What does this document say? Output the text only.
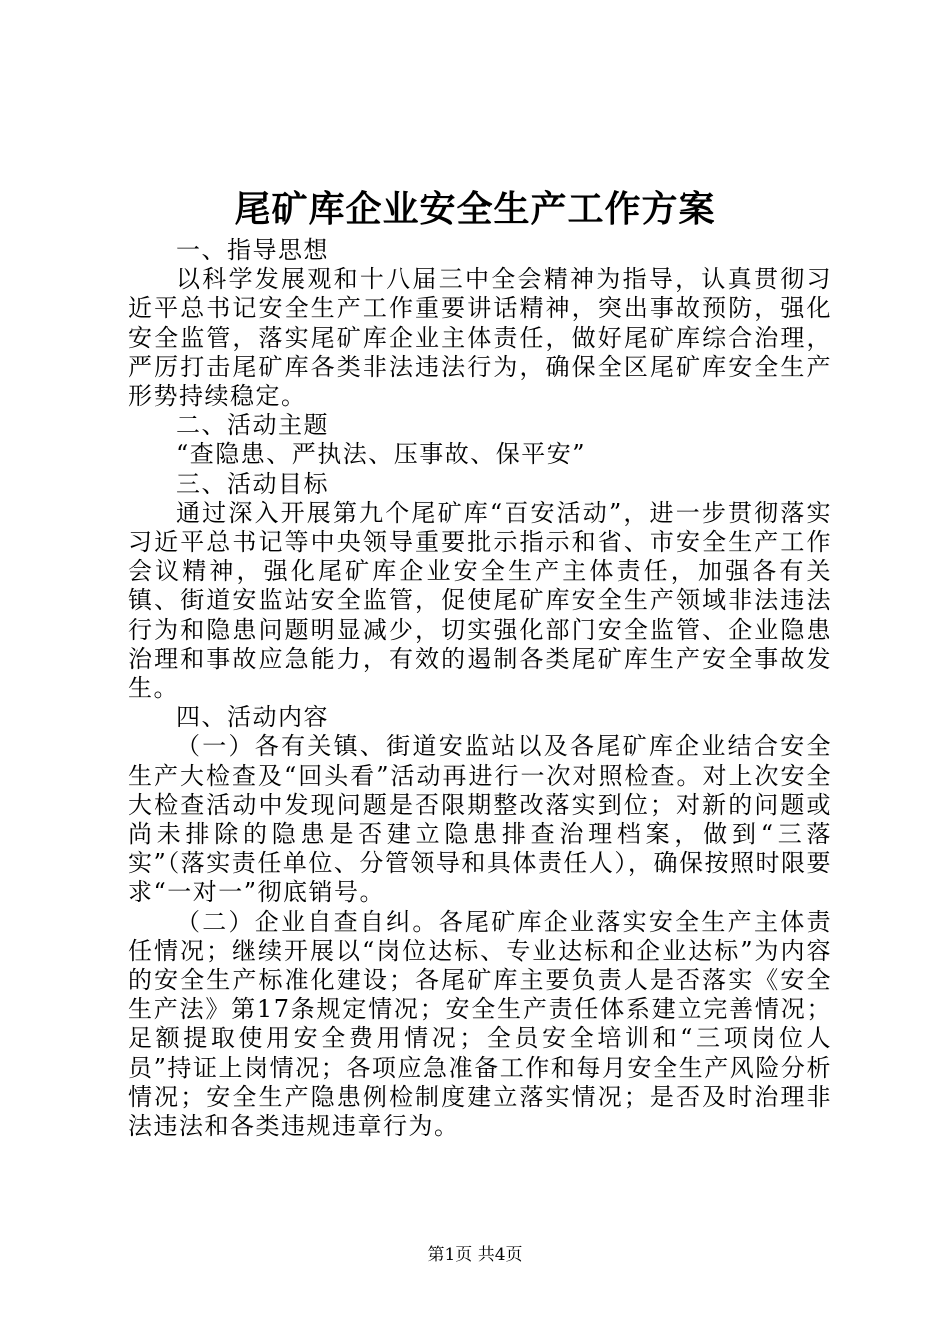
尾矿库企业安全生产工作方案

一、指导思想

以科学发展观和十八届三中全会精神为指导，认真贯彻习近平总书记安全生产工作重要讲话精神，突出事故预防，强化安全监管，落实尾矿库企业主体责任，做好尾矿库综合治理，严厉打击尾矿库各类非法违法行为，确保全区尾矿库安全生产形势持续稳定。

二、活动主题

“查隐患、严执法、压事故、保平安”

三、活动目标

通过深入开展第九个尾矿库“百安活动”，进一步贯彻落实习近平总书记等中央领导重要批示指示和省、市安全生产工作会议精神，强化尾矿库企业安全生产主体责任，加强各有关镇、街道安监站安全监管，促使尾矿库安全生产领域非法违法行为和隐患问题明显减少，切实强化部门安全监管、企业隐患治理和事故应急能力，有效的遏制各类尾矿库生产安全事故发生。

四、活动内容

（一）各有关镇、街道安监站以及各尾矿库企业结合安全生产大检查及“回头看”活动再进行一次对照检查。对上次安全大检查活动中发现问题是否限期整改落实到位；对新的问题或尚未排除的隐患是否建立隐患排查治理档案，做到“三落实”（落实责任单位、分管领导和具体责任人），确保按照时限要求“一对一”彻底销号。

（二）企业自查自纠。各尾矿库企业落实安全生产主体责任情况；继续开展以“岗位达标、专业达标和企业达标”为内容的安全生产标准化建设；各尾矿库主要负责人是否落实《安全生产法》第17条规定情况；安全生产责任体系建立完善情况；足额提取使用安全费用情况；全员安全培训和“三项岗位人员”持证上岗情况；各项应急准备工作和每月安全生产风险分析情况；安全生产隐患例检制度建立落实情况；是否及时治理非法违法和各类违规违章行为。

第1页 共4页
